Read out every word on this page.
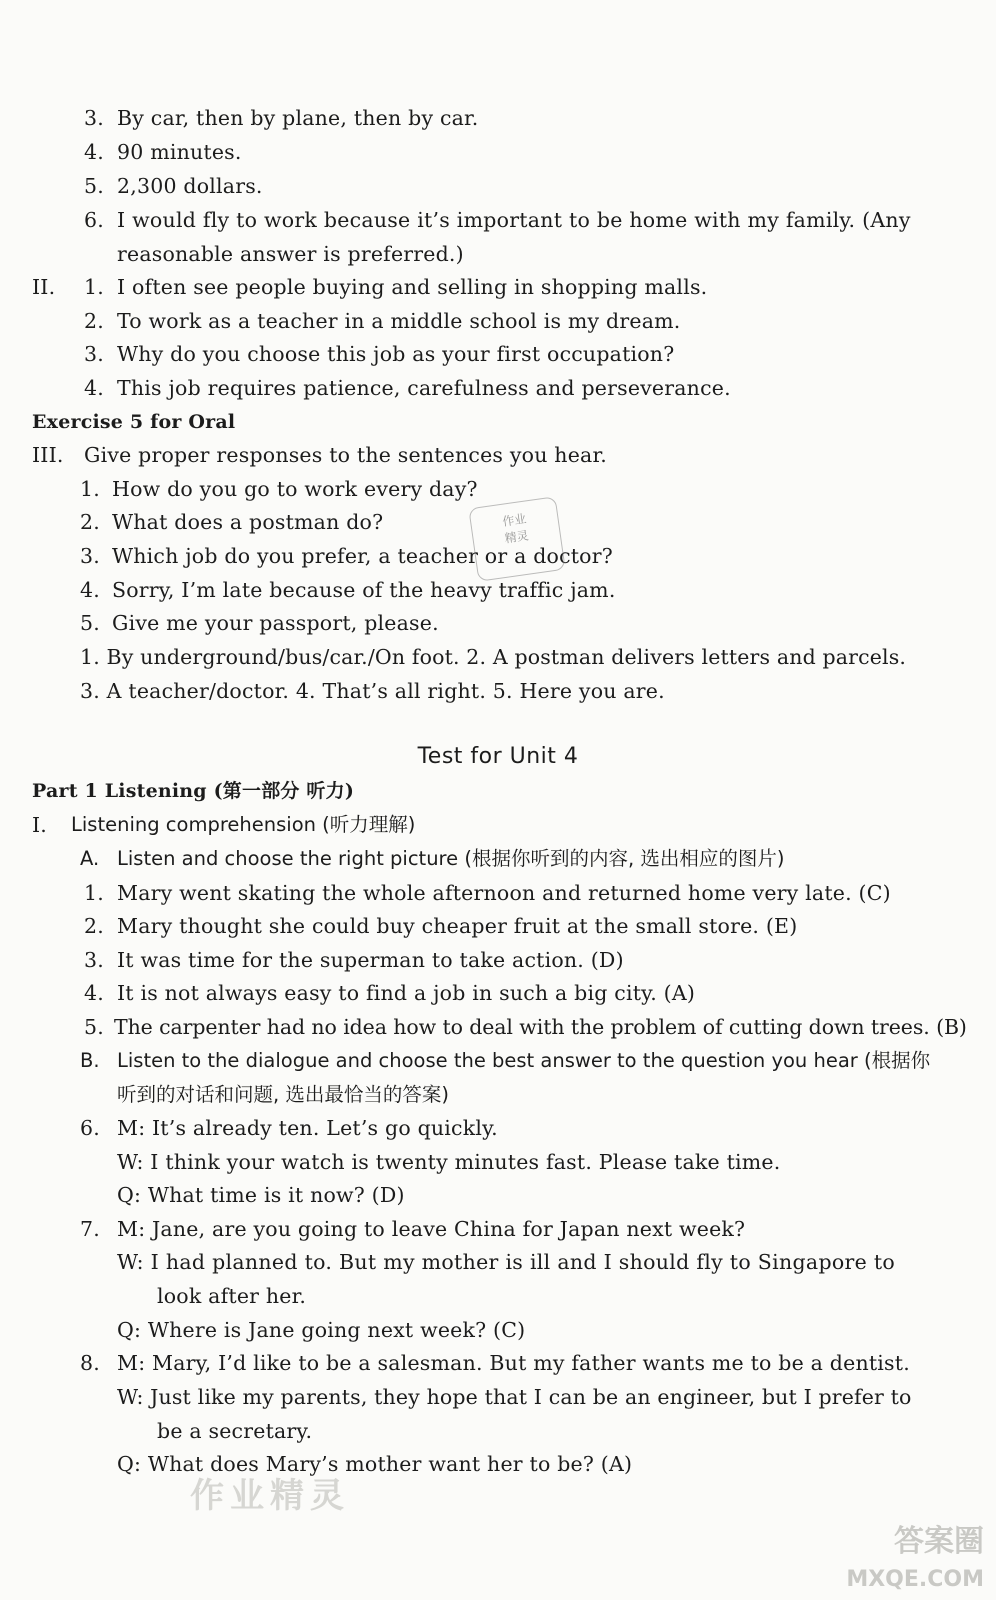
3. By car, then by plane, then by car.
4. 90 minutes.
5. 2,300 dollars.
6. I would fly to work because it’s important to be home with my family. (Any
reasonable answer is preferred.)
II. 1. I often see people buying and selling in shopping malls.
2. To work as a teacher in a middle school is my dream.
3. Why do you choose this job as your first occupation?
4. This job requires patience, carefulness and perseverance.
Exercise 5 for Oral
III. Give proper responses to the sentences you hear.
1. How do you go to work every day?
2. What does a postman do?
3. Which job do you prefer, a teacher or a doctor?
4. Sorry, I’m late because of the heavy traffic jam.
5. Give me your passport, please.
1. By underground/bus/car./On foot. 2. A postman delivers letters and parcels.
3. A teacher/doctor. 4. That’s all right. 5. Here you are.
作业
精灵
Test for Unit 4
Part 1 Listening (第一部分 听力)
I. Listening comprehension (听力理解)
A. Listen and choose the right picture (根据你听到的内容, 选出相应的图片)
1. Mary went skating the whole afternoon and returned home very late. (C)
2. Mary thought she could buy cheaper fruit at the small store. (E)
3. It was time for the superman to take action. (D)
4. It is not always easy to find a job in such a big city. (A)
5. The carpenter had no idea how to deal with the problem of cutting down trees. (B)
B. Listen to the dialogue and choose the best answer to the question you hear (根据你
听到的对话和问题, 选出最恰当的答案)
6. M: It’s already ten. Let’s go quickly.
W: I think your watch is twenty minutes fast. Please take time.
Q: What time is it now? (D)
7. M: Jane, are you going to leave China for Japan next week?
W: I had planned to. But my mother is ill and I should fly to Singapore to
look after her.
Q: Where is Jane going next week? (C)
8. M: Mary, I’d like to be a salesman. But my father wants me to be a dentist.
W: Just like my parents, they hope that I can be an engineer, but I prefer to
be a secretary.
Q: What does Mary’s mother want her to be? (A)
作业精灵
答案圈
MXQE.COM
